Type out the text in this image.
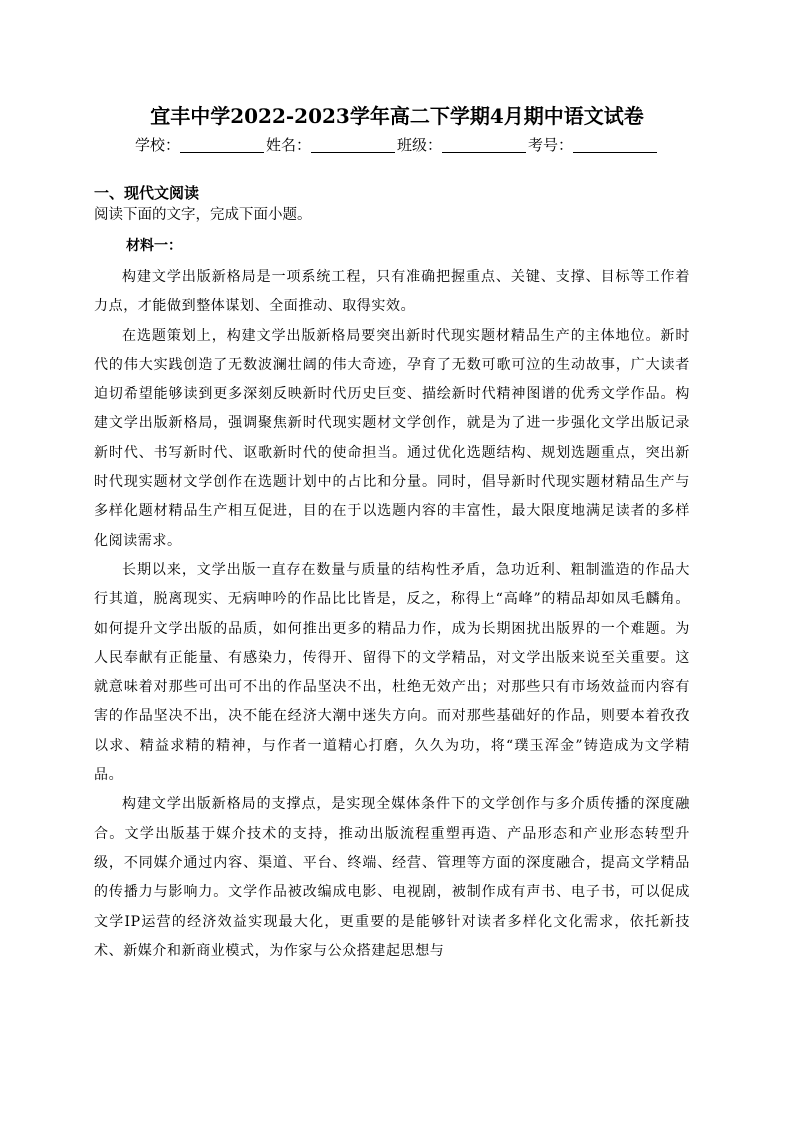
宜丰中学2022-2023学年高二下学期4月期中语文试卷
学校：	姓名：	班级：	考号：
一、现代文阅读
阅读下面的文字，完成下面小题。
材料一：

构建文学出版新格局是一项系统工程，只有准确把握重点、关键、支撑、目标等工作着力点，才能做到整体谋划、全面推动、取得实效。

在选题策划上，构建文学出版新格局要突出新时代现实题材精品生产的主体地位。新时代的伟大实践创造了无数波澜壮阔的伟大奇迹，孕育了无数可歌可泣的生动故事，广大读者迫切希望能够读到更多深刻反映新时代历史巨变、描绘新时代精神图谱的优秀文学作品。构建文学出版新格局，强调聚焦新时代现实题材文学创作，就是为了进一步强化文学出版记录新时代、书写新时代、讴歌新时代的使命担当。通过优化选题结构、规划选题重点，突出新时代现实题材文学创作在选题计划中的占比和分量。同时，倡导新时代现实题材精品生产与多样化题材精品生产相互促进，目的在于以选题内容的丰富性，最大限度地满足读者的多样化阅读需求。

长期以来，文学出版一直存在数量与质量的结构性矛盾，急功近利、粗制滥造的作品大行其道，脱离现实、无病呻吟的作品比比皆是，反之，称得上“高峰”的精品却如凤毛麟角。如何提升文学出版的品质，如何推出更多的精品力作，成为长期困扰出版界的一个难题。为人民奉献有正能量、有感染力，传得开、留得下的文学精品，对文学出版来说至关重要。这就意味着对那些可出可不出的作品坚决不出，杜绝无效产出；对那些只有市场效益而内容有害的作品坚决不出，决不能在经济大潮中迷失方向。而对那些基础好的作品，则要本着孜孜以求、精益求精的精神，与作者一道精心打磨，久久为功，将“璞玉浑金”铸造成为文学精品。

构建文学出版新格局的支撑点，是实现全媒体条件下的文学创作与多介质传播的深度融合。文学出版基于媒介技术的支持，推动出版流程重塑再造、产品形态和产业形态转型升级，不同媒介通过内容、渠道、平台、终端、经营、管理等方面的深度融合，提高文学精品的传播力与影响力。文学作品被改编成电影、电视剧，被制作成有声书、电子书，可以促成文学IP运营的经济效益实现最大化，更重要的是能够针对读者多样化文化需求，依托新技术、新媒介和新商业模式，为作家与公众搭建起思想与
